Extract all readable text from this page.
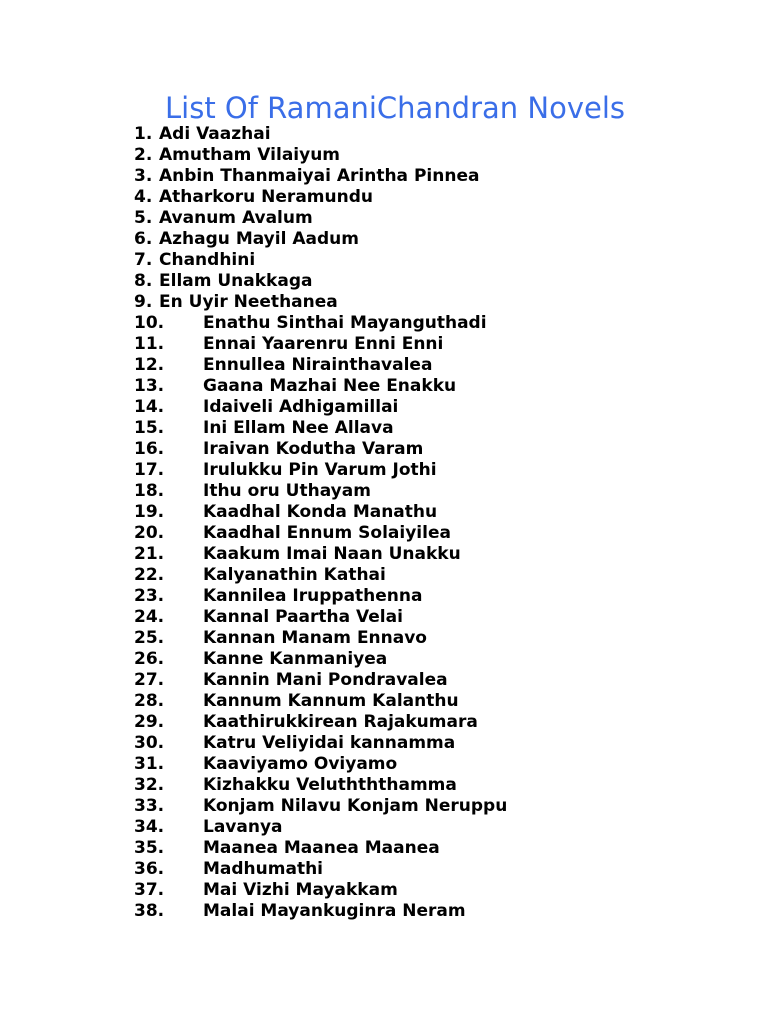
List Of RamaniChandran Novels
1. Adi Vaazhai
2. Amutham Vilaiyum
3. Anbin Thanmaiyai Arintha Pinnea
4. Atharkoru Neramundu
5. Avanum Avalum
6. Azhagu Mayil Aadum
7. Chandhini
8. Ellam Unakkaga
9. En Uyir Neethanea
10. Enathu Sinthai Mayanguthadi
11. Ennai Yaarenru Enni Enni
12. Ennullea Nirainthavalea
13. Gaana Mazhai Nee Enakku
14. Idaiveli Adhigamillai
15. Ini Ellam Nee Allava
16. Iraivan Kodutha Varam
17. Irulukku Pin Varum Jothi
18. Ithu oru Uthayam
19. Kaadhal Konda Manathu
20. Kaadhal Ennum Solaiyilea
21. Kaakum Imai Naan Unakku
22. Kalyanathin Kathai
23. Kannilea Iruppathenna
24. Kannal Paartha Velai
25. Kannan Manam Ennavo
26. Kanne Kanmaniyea
27. Kannin Mani Pondravalea
28. Kannum Kannum Kalanthu
29. Kaathirukkirean Rajakumara
30. Katru Veliyidai kannamma
31. Kaaviyamo Oviyamo
32. Kizhakku Veluthththamma
33. Konjam Nilavu Konjam Neruppu
34. Lavanya
35. Maanea Maanea Maanea
36. Madhumathi
37. Mai Vizhi Mayakkam
38. Malai Mayankuginra Neram
